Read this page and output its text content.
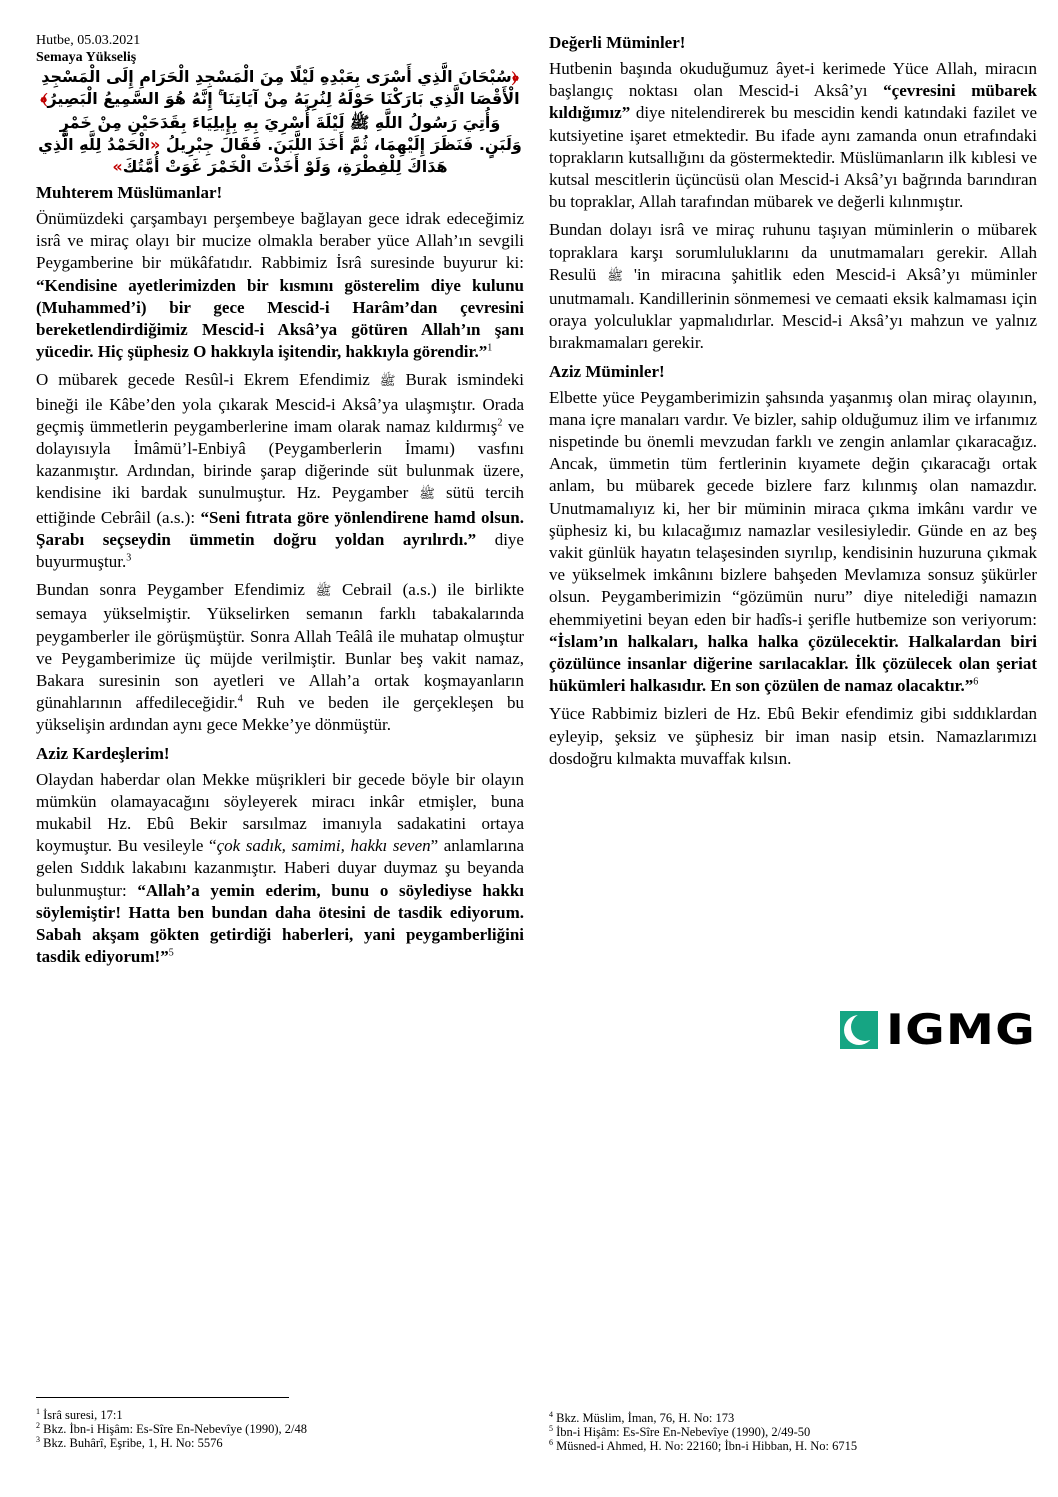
Hutbe, 05.03.2021
Semaya Yükseliş
﴿سُبْحَانَ الَّذِي أَسْرَى بِعَبْدِهِ لَيْلًا مِنَ الْمَسْجِدِ الْحَرَامِ إِلَى الْمَسْجِدِ الْأَقْصَا الَّذِي بَارَكْنَا حَوْلَهُ لِنُرِيَهُ مِنْ آيَاتِنَا ۚ إِنَّهُ هُوَ السَّمِيعُ الْبَصِيرُ﴾
وَأُتِيَ رَسُولُ اللَّهِ ﷺ لَيْلَةَ أُسْرِيَ بِهِ بِإِيلِيَاءَ بِقَدَحَيْنِ مِنْ خَمْرٍ وَلَبَنٍ. فَنَظَرَ إِلَيْهِمَا، ثُمَّ أَخَذَ اللَّبَنَ. فَقَالَ جِبْرِيلُ «الْحَمْدُ لِلَّهِ الَّذِي هَدَاكَ لِلْفِطْرَةِ، وَلَوْ أَخَذْتَ الْخَمْرَ غَوَتْ أُمَّتُكَ»
Muhterem Müslümanlar!

Önümüzdeki çarşambayı perşembeye bağlayan gece idrak edeceğimiz isrâ ve miraç olayı bir mucize olmakla beraber yüce Allah’ın sevgili Peygamberine bir mükâfatıdır. Rabbimiz İsrâ suresinde buyurur ki: “Kendisine ayetlerimizden bir kısmını gösterelim diye kulunu (Muhammed’i) bir gece Mescid-i Harâm’dan çevresini bereketlendirdiğimiz Mescid-i Aksâ’ya götüren Allah’ın şanı yücedir. Hiç şüphesiz O hakkıyla işitendir, hakkıyla görendir.”$^1$

O mübarek gecede Resûl-i Ekrem Efendimiz ﷺ Burak ismindeki bineği ile Kâbe’den yola çıkarak Mescid-i Aksâ’ya ulaşmıştır. Orada geçmiş ümmetlerin peygamberlerine imam olarak namaz kıldırmış$^2$ ve dolayısıyla İmâmü’l-Enbiyâ (Peygamberlerin İmamı) vasfını kazanmıştır. Ardından, birinde şarap diğerinde süt bulunmak üzere, kendisine iki bardak sunulmuştur. Hz. Peygamber ﷺ sütü tercih ettiğinde Cebrâil (a.s.): “Seni fıtrata göre yönlendirene hamd olsun. Şarabı seçseydin ümmetin doğru yoldan ayrılırdı.” diye buyurmuştur.$^3$

Bundan sonra Peygamber Efendimiz ﷺ Cebrail (a.s.) ile birlikte semaya yükselmiştir. Yükselirken semanın farklı tabakalarında peygamberler ile görüşmüştür. Sonra Allah Teâlâ ile muhatap olmuştur ve Peygamberimize üç müjde verilmiştir. Bunlar beş vakit namaz, Bakara suresinin son ayetleri ve Allah’a ortak koşmayanların günahlarının affedileceğidir.$^4$ Ruh ve beden ile gerçekleşen bu yükselişin ardından aynı gece Mekke’ye dönmüştür.

Aziz Kardeşlerim!

Olaydan haberdar olan Mekke müşrikleri bir gecede böyle bir olayın mümkün olamayacağını söyleyerek miracı inkâr etmişler, buna mukabil Hz. Ebû Bekir sarsılmaz imanıyla sadakatini ortaya koymuştur. Bu vesileyle “çok sadık, samimi, hakkı seven” anlamlarına gelen Sıddık lakabını kazanmıştır. Haberi duyar duymaz şu beyanda bulunmuştur: “Allah’a yemin ederim, bunu o söylediyse hakkı söylemiştir! Hatta ben bundan daha ötesini de tasdik ediyorum. Sabah akşam gökten getirdiği haberleri, yani peygamberliğini tasdik ediyorum!”$^5$

Değerli Müminler!

Hutbenin başında okuduğumuz âyet-i kerimede Yüce Allah, miracın başlangıç noktası olan Mescid-i Aksâ’yı “çevresini mübarek kıldığımız” diye nitelendirerek bu mescidin kendi katındaki fazilet ve kutsiyetine işaret etmektedir. Bu ifade aynı zamanda onun etrafındaki toprakların kutsallığını da göstermektedir. Müslümanların ilk kıblesi ve kutsal mescitlerin üçüncüsü olan Mescid-i Aksâ’yı bağrında barındıran bu topraklar, Allah tarafından mübarek ve değerli kılınmıştır.

Bundan dolayı isrâ ve miraç ruhunu taşıyan müminlerin o mübarek topraklara karşı sorumluluklarını da unutmamaları gerekir. Allah Resulü ﷺ 'in miracına şahitlik eden Mescid-i Aksâ’yı müminler unutmamalı. Kandillerinin sönmemesi ve cemaati eksik kalmaması için oraya yolculuklar yapmalıdırlar. Mescid-i Aksâ’yı mahzun ve yalnız bırakmamaları gerekir.

Aziz Müminler!

Elbette yüce Peygamberimizin şahsında yaşanmış olan miraç olayının, mana içre manaları vardır. Ve bizler, sahip olduğumuz ilim ve irfanımız nispetinde bu önemli mevzudan farklı ve zengin anlamlar çıkaracağız. Ancak, ümmetin tüm fertlerinin kıyamete değin çıkaracağı ortak anlam, bu mübarek gecede bizlere farz kılınmış olan namazdır. Unutmamalıyız ki, her bir müminin miraca çıkma imkânı vardır ve şüphesiz ki, bu kılacağımız namazlar vesilesiyledir. Günde en az beş vakit günlük hayatın telaşesinden sıyrılıp, kendisinin huzuruna çıkmak ve yükselmek imkânını bizlere bahşeden Mevlamıza sonsuz şükürler olsun. Peygamberimizin “gözümün nuru” diye nitelediği namazın ehemmiyetini beyan eden bir hadîs-i şerifle hutbemize son veriyorum: “İslam’ın halkaları, halka halka çözülecektir. Halkalardan biri çözülünce insanlar diğerine sarılacaklar. İlk çözülecek olan şeriat hükümleri halkasıdır. En son çözülen de namaz olacaktır.”$^6$

Yüce Rabbimiz bizleri de Hz. Ebû Bekir efendimiz gibi sıddıklardan eyleyip, şeksiz ve şüphesiz bir iman nasip etsin. Namazlarımızı dosdoğru kılmakta muvaffak kılsın.

IGMG
$^1$ İsrâ suresi, 17:1
$^2$ Bkz. İbn-i Hişâm: Es-Sîre En-Nebevîye (1990), 2/48
$^3$ Bkz. Buhârî, Eşribe, 1, H. No: 5576
$^4$ Bkz. Müslim, İman, 76, H. No: 173
$^5$ İbn-i Hişâm: Es-Sîre En-Nebevîye (1990), 2/49-50
$^6$ Müsned-i Ahmed, H. No: 22160; İbn-i Hibban, H. No: 6715
